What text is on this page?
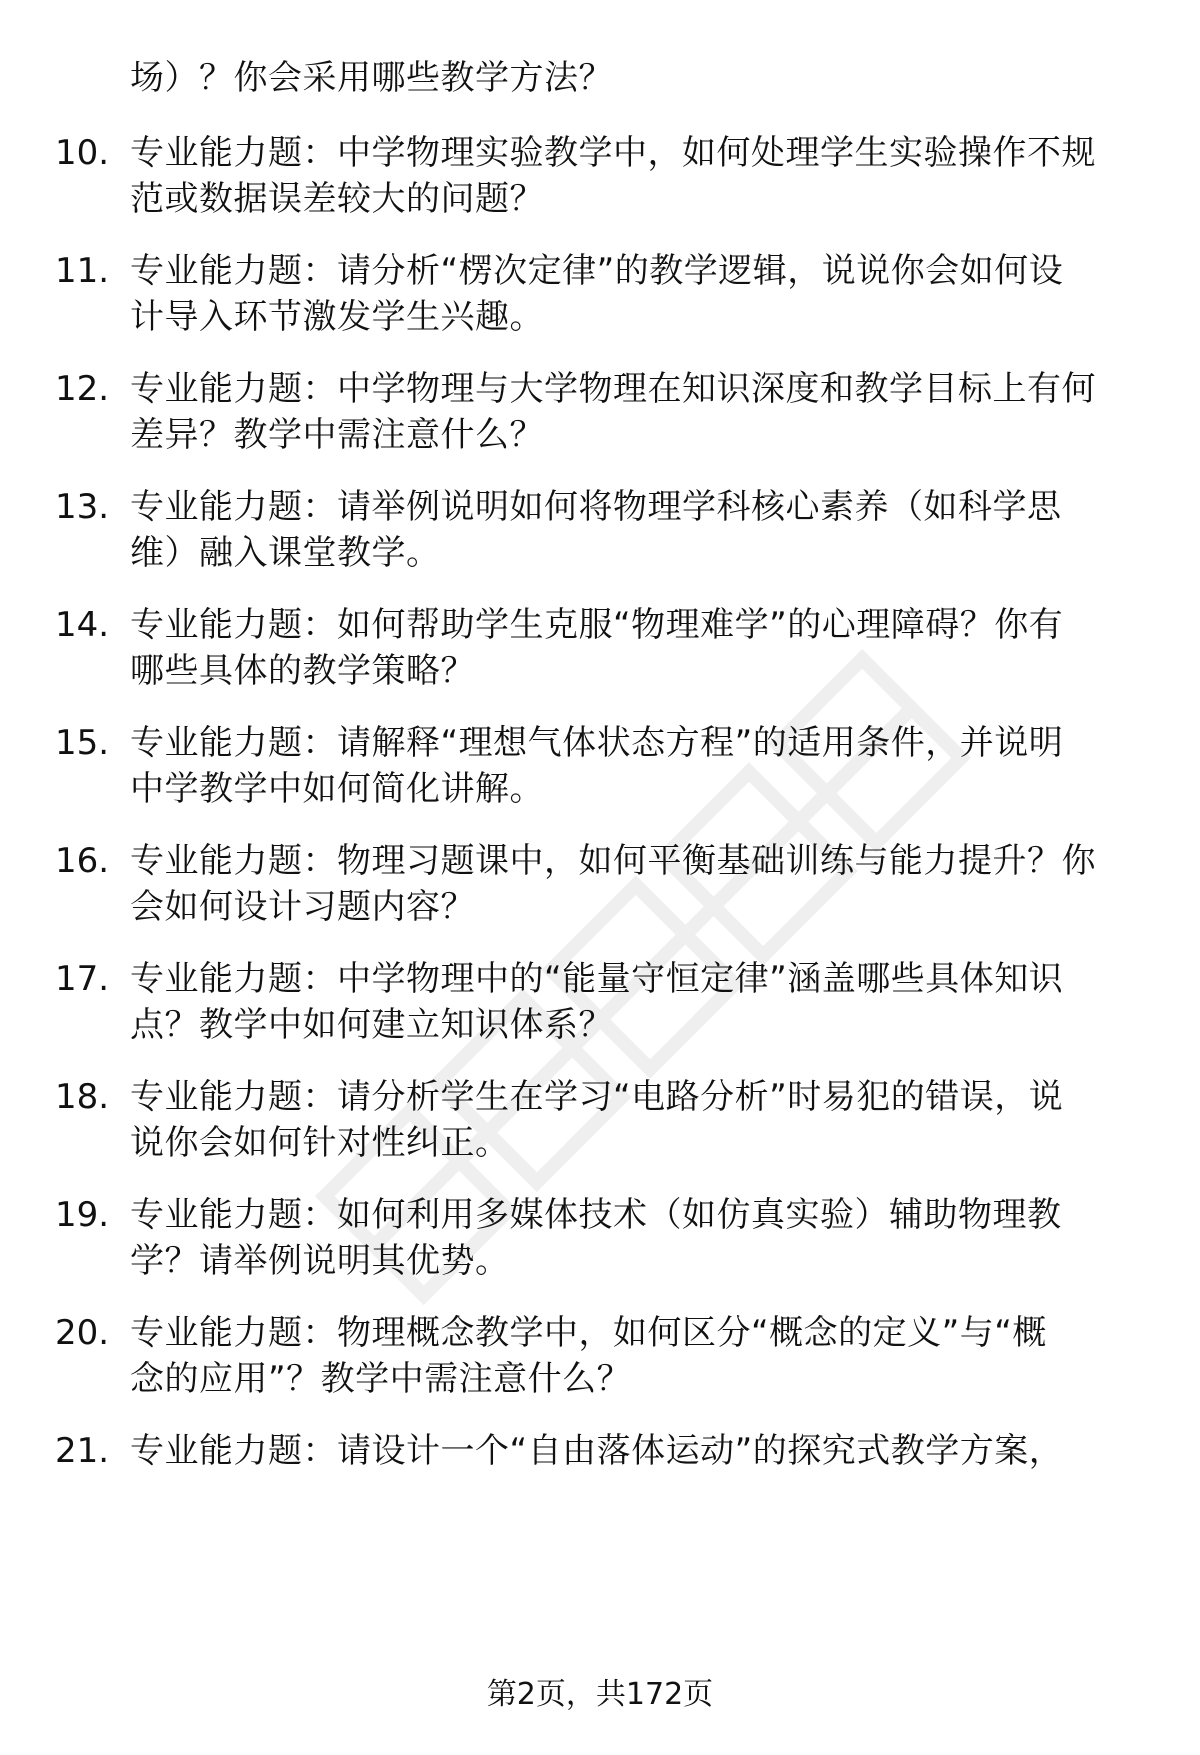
场）？你会采用哪些教学方法？
10. 专业能力题：中学物理实验教学中，如何处理学生实验操作不规
范或数据误差较大的问题？
11. 专业能力题：请分析“楞次定律”的教学逻辑，说说你会如何设
计导入环节激发学生兴趣。
12. 专业能力题：中学物理与大学物理在知识深度和教学目标上有何
差异？教学中需注意什么？
13. 专业能力题：请举例说明如何将物理学科核心素养（如科学思
维）融入课堂教学。
14. 专业能力题：如何帮助学生克服“物理难学”的心理障碍？你有
哪些具体的教学策略？
15. 专业能力题：请解释“理想气体状态方程”的适用条件，并说明
中学教学中如何简化讲解。
16. 专业能力题：物理习题课中，如何平衡基础训练与能力提升？你
会如何设计习题内容？
17. 专业能力题：中学物理中的“能量守恒定律”涵盖哪些具体知识
点？教学中如何建立知识体系？
18. 专业能力题：请分析学生在学习“电路分析”时易犯的错误，说
说你会如何针对性纠正。
19. 专业能力题：如何利用多媒体技术（如仿真实验）辅助物理教
学？请举例说明其优势。
20. 专业能力题：物理概念教学中，如何区分“概念的定义”与“概
念的应用”？教学中需注意什么？
21. 专业能力题：请设计一个“自由落体运动”的探究式教学方案，
第2页，共172页
